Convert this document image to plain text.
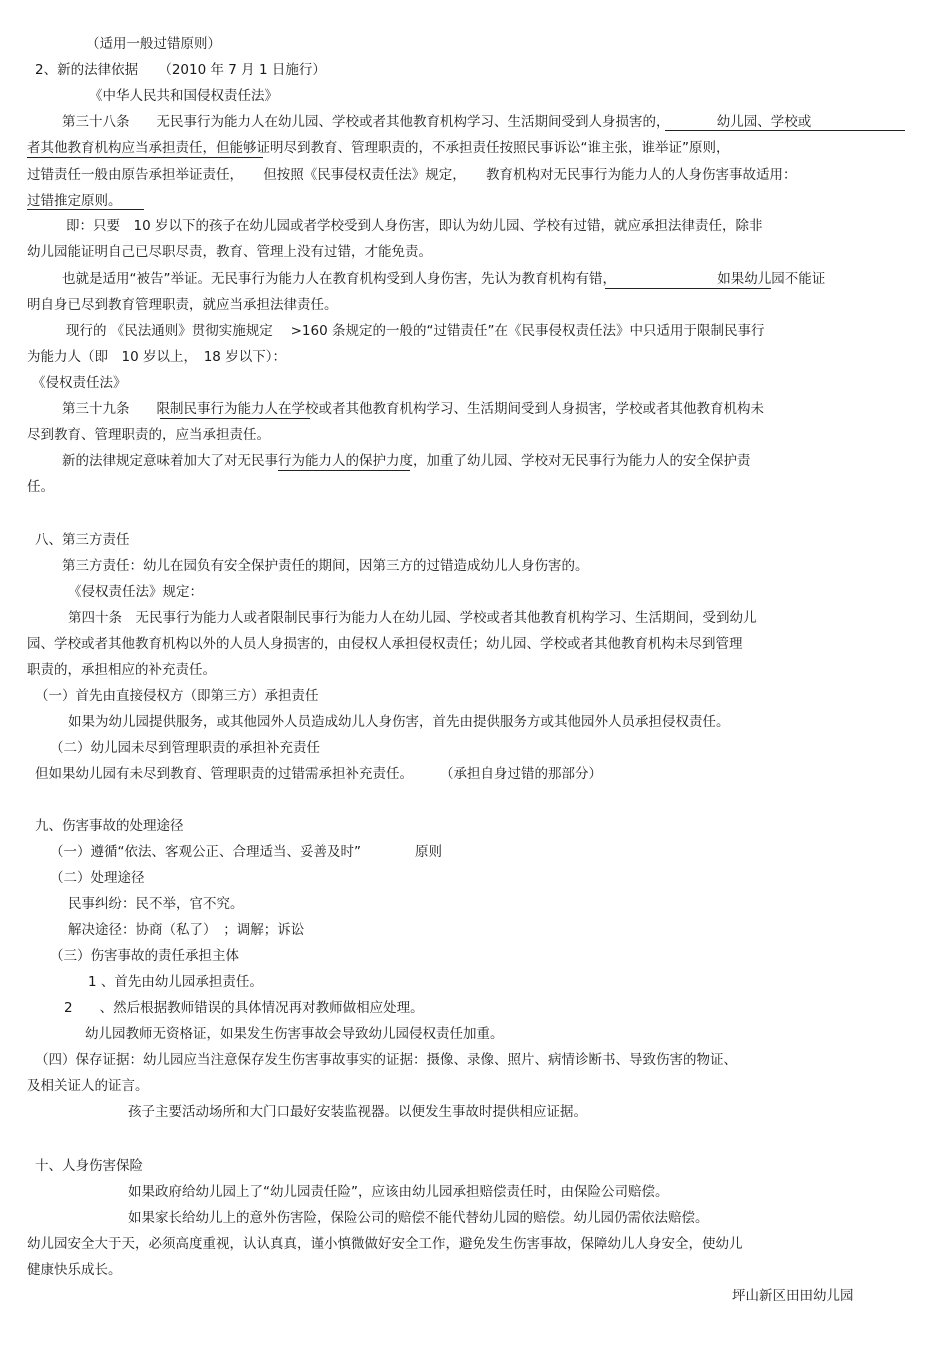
（适用一般过错原则）
2、新的法律依据　　（2010 年 7 月 1 日施行）
《中华人民共和国侵权责任法》
第三十八条　　无民事行为能力人在幼儿园、学校或者其他教育机构学习、生活期间受到人身损害的，　　　　幼儿园、学校或
者其他教育机构应当承担责任，但能够证明尽到教育、管理职责的，不承担责任按照民事诉讼“谁主张，谁举证”原则，
过错责任一般由原告承担举证责任，　　但按照《民事侵权责任法》规定，　　教育机构对无民事行为能力人的人身伤害事故适用：
过错推定原则。
即：只要　10 岁以下的孩子在幼儿园或者学校受到人身伤害，即认为幼儿园、学校有过错，就应承担法律责任，除非
幼儿园能证明自己已尽职尽责，教育、管理上没有过错，才能免责。
也就是适用“被告”举证。无民事行为能力人在教育机构受到人身伤害，先认为教育机构有错，　　　　　　　　如果幼儿园不能证
明自身已尽到教育管理职责，就应当承担法律责任。
现行的 《民法通则》贯彻实施规定　 >160 条规定的一般的“过错责任”在《民事侵权责任法》中只适用于限制民事行
为能力人（即　10 岁以上，　18 岁以下）：
《侵权责任法》
第三十九条　　限制民事行为能力人在学校或者其他教育机构学习、生活期间受到人身损害，学校或者其他教育机构未
尽到教育、管理职责的，应当承担责任。
新的法律规定意味着加大了对无民事行为能力人的保护力度，加重了幼儿园、学校对无民事行为能力人的安全保护责
任。
八、第三方责任
第三方责任：幼儿在园负有安全保护责任的期间，因第三方的过错造成幼儿人身伤害的。
《侵权责任法》规定：
第四十条　无民事行为能力人或者限制民事行为能力人在幼儿园、学校或者其他教育机构学习、生活期间，受到幼儿
园、学校或者其他教育机构以外的人员人身损害的，由侵权人承担侵权责任；幼儿园、学校或者其他教育机构未尽到管理
职责的，承担相应的补充责任。
（一）首先由直接侵权方（即第三方）承担责任
如果为幼儿园提供服务，或其他园外人员造成幼儿人身伤害，首先由提供服务方或其他园外人员承担侵权责任。
（二）幼儿园未尽到管理职责的承担补充责任
但如果幼儿园有未尽到教育、管理职责的过错需承担补充责任。　　　（承担自身过错的那部分）
九、伤害事故的处理途径
（一）遵循“依法、客观公正、合理适当、妥善及时”　　　　原则
（二）处理途径
民事纠纷：民不举，官不究。
解决途径：协商（私了）　；调解；诉讼
（三）伤害事故的责任承担主体
1 、首先由幼儿园承担责任。
2　　、然后根据教师错误的具体情况再对教师做相应处理。
幼儿园教师无资格证，如果发生伤害事故会导致幼儿园侵权责任加重。
（四）保存证据：幼儿园应当注意保存发生伤害事故事实的证据：摄像、录像、照片、病情诊断书、导致伤害的物证、
及相关证人的证言。
孩子主要活动场所和大门口最好安装监视器。以便发生事故时提供相应证据。
十、人身伤害保险
如果政府给幼儿园上了“幼儿园责任险”，应该由幼儿园承担赔偿责任时，由保险公司赔偿。
如果家长给幼儿上的意外伤害险，保险公司的赔偿不能代替幼儿园的赔偿。幼儿园仍需依法赔偿。
幼儿园安全大于天，必须高度重视，认认真真，谨小慎微做好安全工作，避免发生伤害事故，保障幼儿人身安全，使幼儿
健康快乐成长。
坪山新区田田幼儿园
